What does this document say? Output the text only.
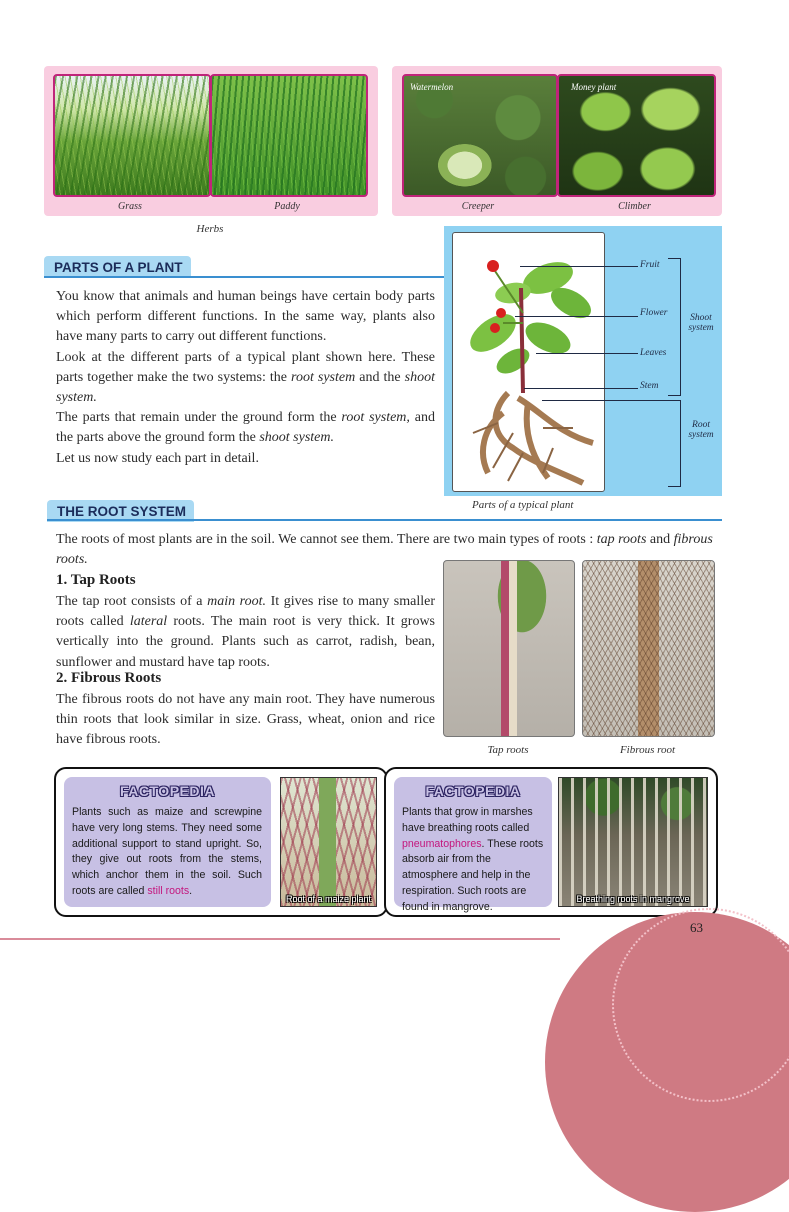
Grass	Paddy
Herbs
Watermelon	Money plant
Creeper	Climber
PARTS OF A PLANT

You know that animals and human beings have certain body parts which perform different functions. In the same way, plants also have many parts to carry out different functions.

Look at the different parts of a typical plant shown here. These parts together make the two systems: the root system and the shoot system.

The parts that remain under the ground form the root system, and the parts above the ground form the shoot system.

Let us now study each part in detail.

Fruit
Flower
Leaves
Stem
Shoot system
Root system
Parts of a typical plant
THE ROOT SYSTEM

The roots of most plants are in the soil. We cannot see them. There are two main types of roots : tap roots and fibrous roots.

1. Tap Roots

The tap root consists of a main root. It gives rise to many smaller roots called lateral roots. The main root is very thick. It grows vertically into the ground. Plants such as carrot, radish, bean, sunflower and mustard have tap roots.

2. Fibrous Roots
The fibrous roots do not have any main root. They have numerous thin roots that look similar in size. Grass, wheat, onion and rice have fibrous roots.
Tap roots	Fibrous root
FACTOPEDIA
Plants such as maize and screwpine have very long stems. They need some additional support to stand upright. So, they give out roots from the stems, which anchor them in the soil. Such roots are called still roots.
Root of a maize plant
FACTOPEDIA
Plants that grow in marshes have breathing roots called pneumatophores. These roots absorb air from the atmosphere and help in the respiration. Such roots are found in mangrove.
Breathing roots in mangrove
63
